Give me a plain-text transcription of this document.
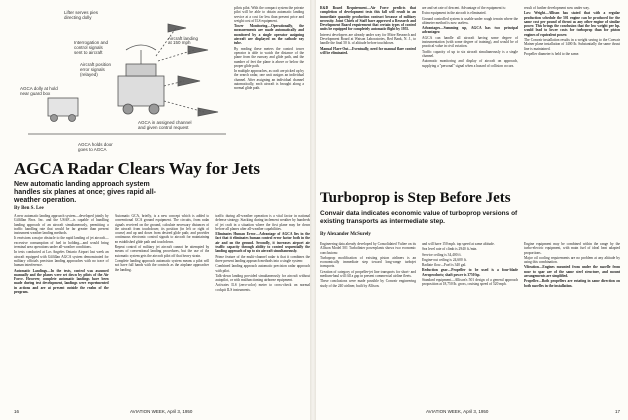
Lifter serves pies
directing dolly
Interrogation and
control signals
sent to aircraft
Aircraft landing
at 150 mph
Aircraft position
error signals
(relayed)
AGCA in assigned channel
and given control request
AGCA dolly at hold
near guard box
AGCA holds door
goes to AGCA

pilots pilot. With the compact system the private pilot will be able to obtain automatic landing service at a cost far less than present price and weight cost of ILS equipment.

Tower Monitoring—Operationally, the measurements are made automatically and monitored by a single operator assigning aircraft are displayed on the cathode ray tube.

By reading these meters the control tower operator is able to watch the distance of the plane from the runway and glide path, and the number of feet the plane is above or below the proper glide path.

In multiple approaches, as craft are picked up by the search radar, one unit assigns an individual channel. After assigning an individual channel automatically, each aircraft is brought along a normal glide path.

AGCA Radar Clears Way for Jets
New automatic landing approach system handles six planes at once; gives rapid all-weather operation.
By Ben S. Lee

A new automatic landing approach system—developed jointly by Gilfillan Bros. Inc. and the USAF—is capable of handling landing approach of an aircraft simultaneously, permitting a traffic handling rate that would be far greater than present instrument weather landing methods.

It envisions a major obstacle to the rapid landing of jet aircraft—excessive consumption of fuel in holding—and would bring terminal area operations under all-weather conditions.

In tests conducted at Los Angeles Ontario Airport last week an aircraft equipped with Gilfillan AGCA system demonstrated for military officials precision landing approaches with no trace of human interference.

Automatic Landings—In the tests, control was assumed manually and the planes were set down by pilots of the Air Force. However, complete automatic landings have been made during test development, landings were experimented in actions and are at present outside the realm of the program.

Automatic GCA, briefly, is a new concept which is added to conventional GCA ground equipment. The circuits, from radar signals received on the ground, calculate necessary distances of the aircraft from touchdown; its position (in left or right of course) and up and down from desired glide path; and provides continuous electronic control signals to aircraft for maintaining an established glide path and touchdown.

Repeat control of military jet aircraft cannot be attempted by means of conventional landing procedures, but the use of the automatic system gets the aircraft pilot off that heavy strain.

Complete landing approach automatic system means a pilot will not have full hands with the controls as the airplane approaches the landing.

traffic during all-weather operation is a vital factor in national defense strategy. Stacking during inclement weather by hundreds of jet craft in a situation where the first plane may be down before all planes after all-weather capabilities.

Eliminates Human Error—Advantage of AGCA lies in the fact that it eliminates human control error factor both in the air and on the ground. Secondly, it increases airport air traffic capacity through ability to control sequentially the landing approach of up to six aircraft simultaneously.

Prime feature of the multi-channel radar is that it combines the three present landing approach methods into a single system:

Combined landing approach automatic precision radar approach with pilot.

Talk-down landing provided simultaneously for aircraft without autopilot, or with malfunctioning airborne equipment.

Activates ILS (zero-color) meter to cross-check on normal cockpit ILS instruments.

16	AVIATION WEEK, April 3, 1950

R&D Board Requirement—Air Force predicts that completion of development tests this fall will result in an immediate quantity production contract because of military necessity. Joint Chiefs of Staff have approved a Research and Development Board requirement that certain types of control units be equipped for completely automatic flight by 1955.

Interest developers are already under way for Mitre Research and Development Board at Watson Laboratories, Red Bank, N. J., to handle the final 50 ft. of altitude before touchdown.

Manual Flare-Out—Eventually, need for manual flare control will be eliminated.

are and set rate of descent. Advantage of the equipment is:

Extra equipment in the aircraft is eliminated.

Ground controlled system is usable under rough terrain where the altimeter method is now useless.

Advantages—Summing up, AGCA has two principal advantages:

AGCA can handle all aircraft having some degree of instrumentation (with some degree of training), and would be of practical value in civil aviation.

Traffic capacity of up to six aircraft simultaneously is a single channel.

Automatic monitoring and display of aircraft on approach, supplying a "personal" signal when a hazard of collision occurs.

result of further development now under way.

Low Weight—Allison has stated that with a regular production schedule the 501 engine can be produced for the same cost per pound of thrust as any other engine of similar power. This brings the conclusion that the low weight per hp. would lead to lower costs for turboprop than for piston engines of equivalent power.

The Convair installation results in a weight saving to the Convair Mainer plane installation of 1400 lb. Substantially the same thrust line is maintained.

Propeller diameter is held to the same.

Turboprop is Step Before Jets
Convair data indicates economic value of turboprop versions of existing transports as intermediate step.
By Alexander McSurely

Engineering data already developed by Consolidated Vultee on its Allison Model 501 Turbolinier powerplants shows two economic conclusions:

Turboprop modification of existing piston airliners is an economically immediate step toward long-range turbojet transports.

Creation of category of propeller-jet line transports for short- and medium-haul will fill a gap in present commercial airline fleets.

These conclusions were made possible by Convair engineering study of the 240 airliner, built by Allison.

and will have 150 mph. top speed at same altitude.

Sea level rate of climb is 2940 ft./min.

Service ceiling is 34,400 ft.

Engine-out ceiling is 24,600 ft.

Radiate flow—Fuel is 340 gal.

Reduction gear—Propeller to be used is a four-blade Aeroproducts; shaft power is 3750 hp.

Standard equipment—Allison's 501 design of a general approach proposition at 18,750 lb. gross, cruising speed of 520 mph.

Engine equipment may be combined within the range by the turbo-electric equipment, with main fuel of ideal heat adapted proportions.

Major oil cooling requirements are no problem at any altitude by using this combination.

Vibration—Engines mounted from under the nacelle from nose to spar are of the same steel structure, and mount arrangements are simplified.

Propeller—Both propellers are rotating in same direction on both nacelles in the installation.

AVIATION WEEK, April 3, 1950	17
